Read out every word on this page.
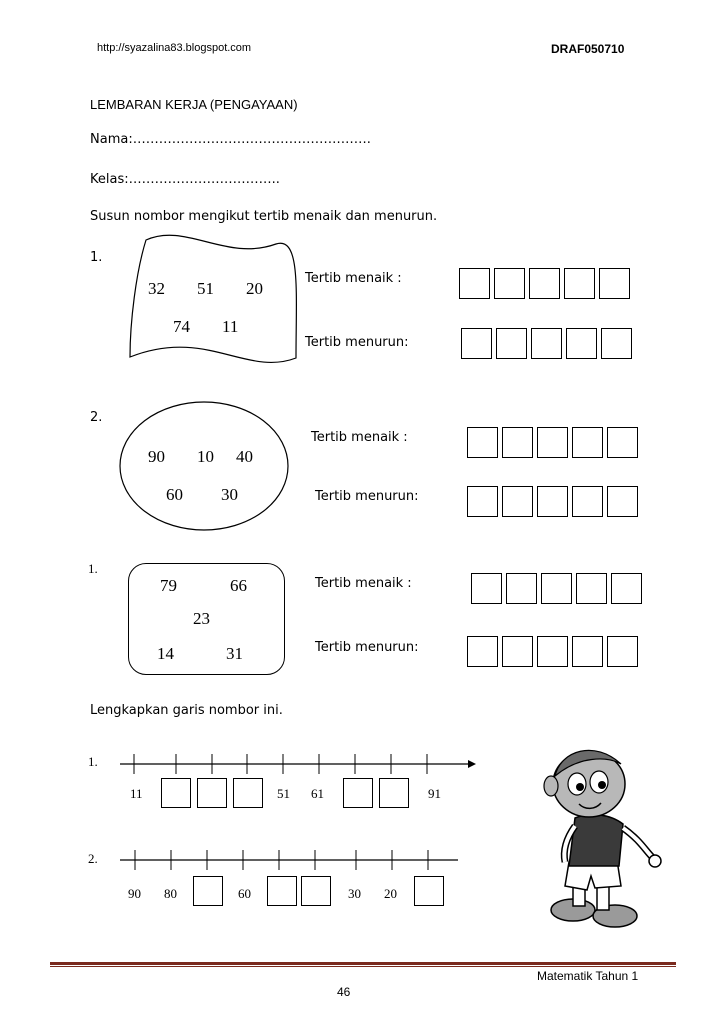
http://syazalina83.blogspot.com	DRAF050710
LEMBARAN KERJA (PENGAYAAN)
Nama:……………………………………………….
Kelas:……………………………..
Susun nombor mengikut tertib menaik dan menurun.
1.
32 51 20
74 11
Tertib menaik :
Tertib menurun:
2.
90 10 40
60 30
Tertib menaik :
Tertib menurun:
1.
79	66
23
14	31
Tertib menaik :
Tertib menurun:
Lengkapkan garis nombor ini.
1.
11	51 61	91
2.
90 80	60	30 20
Matematik Tahun 1
46
